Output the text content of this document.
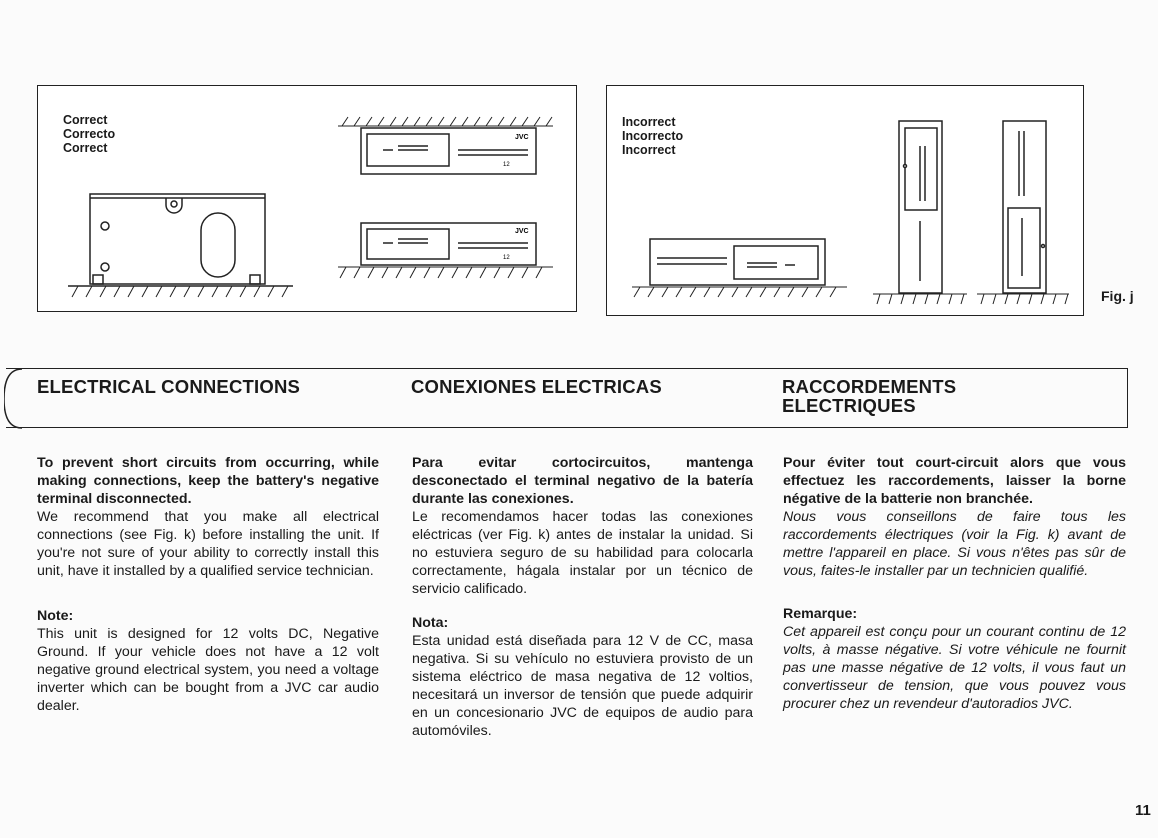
Correct
Correcto
Correct
JVC
12
JVC
12
Incorrect
Incorrecto
Incorrect
Fig. j
ELECTRICAL CONNECTIONS	CONEXIONES ELECTRICAS	RACCORDEMENTS
ELECTRIQUES

To prevent short circuits from occurring, while making connections, keep the battery's negative terminal disconnected.

We recommend that you make all electrical connections (see Fig. k) before installing the unit. If you're not sure of your ability to correctly install this unit, have it installed by a qualified service technician.

Note:

This unit is designed for 12 volts DC, Negative Ground. If your vehicle does not have a 12 volt negative ground electrical system, you need a voltage inverter which can be bought from a JVC car audio dealer.

Para evitar cortocircuitos, mantenga desconectado el terminal negativo de la batería durante las conexiones.

Le recomendamos hacer todas las conexiones eléctricas (ver Fig. k) antes de instalar la unidad. Si no estuviera seguro de su habilidad para colocarla correctamente, hágala instalar por un técnico de servicio calificado.

Nota:

Esta unidad está diseñada para 12 V de CC, masa negativa. Si su vehículo no estuviera provisto de un sistema eléctrico de masa negativa de 12 voltios, necesitará un inversor de tensión que puede adquirir en un concesionario JVC de equipos de audio para automóviles.

Pour éviter tout court-circuit alors que vous effectuez les raccordements, laisser la borne négative de la batterie non branchée.

Nous vous conseillons de faire tous les raccordements électriques (voir la Fig. k) avant de mettre l'appareil en place. Si vous n'êtes pas sûr de vous, faites-le installer par un technicien qualifié.

Remarque:

Cet appareil est conçu pour un courant continu de 12 volts, à masse négative. Si votre véhicule ne fournit pas une masse négative de 12 volts, il vous faut un convertisseur de tension, que vous pouvez vous procurer chez un revendeur d'autoradios JVC.

11
